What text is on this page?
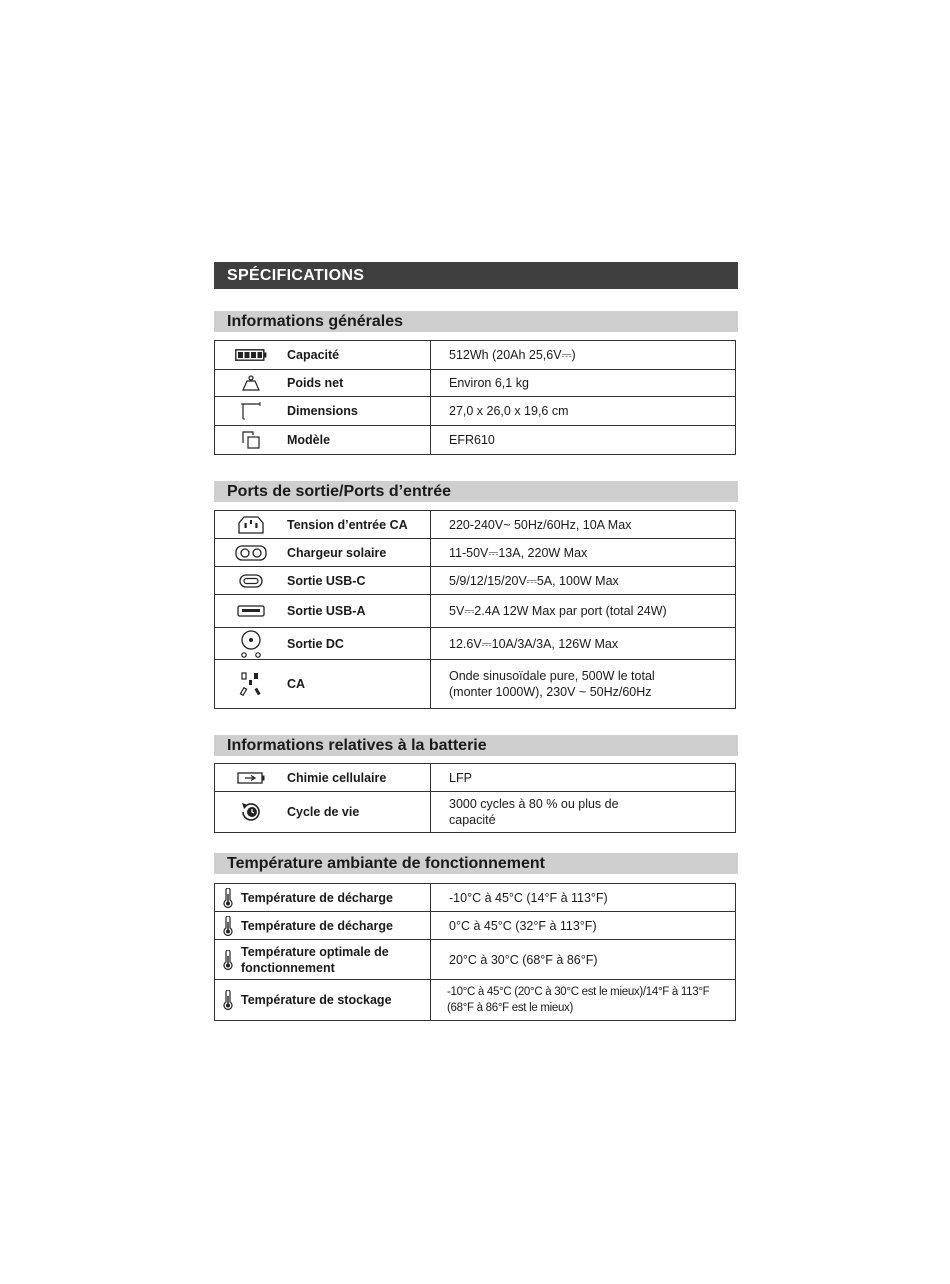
SPÉCIFICATIONS
Informations générales
Capacité	512Wh (20Ah 25,6V⎓)

Poids net	Environ 6,1 kg

Dimensions	27,0 x 26,0 x 19,6 cm

Modèle	EFR610
Ports de sortie/Ports d’entrée
Tension d’entrée CA	220-240V~ 50Hz/60Hz, 10A Max

Chargeur solaire	11-50V⎓13A, 220W Max

Sortie USB-C	5/9/12/15/20V⎓5A, 100W Max

Sortie USB-A	5V⎓2.4A 12W Max par port (total 24W)

Sortie DC	12.6V⎓10A/3A/3A, 126W Max

CA	Onde sinusoïdale pure, 500W le total (monter 1000W), 230V ~ 50Hz/60Hz
Informations relatives à la batterie
Chimie cellulaire	LFP

Cycle de vie	3000 cycles à 80 % ou plus de capacité
Température ambiante de fonctionnement
Température de décharge	-10°C à 45°C (14°F à 113°F)

Température de décharge	0°C à 45°C (32°F à 113°F)

Température optimale de fonctionnement	20°C à 30°C (68°F à 86°F)

Température de stockage	-10°C à 45°C (20°C à 30°C est le mieux)/14°F à 113°F (68°F à 86°F est le mieux)
